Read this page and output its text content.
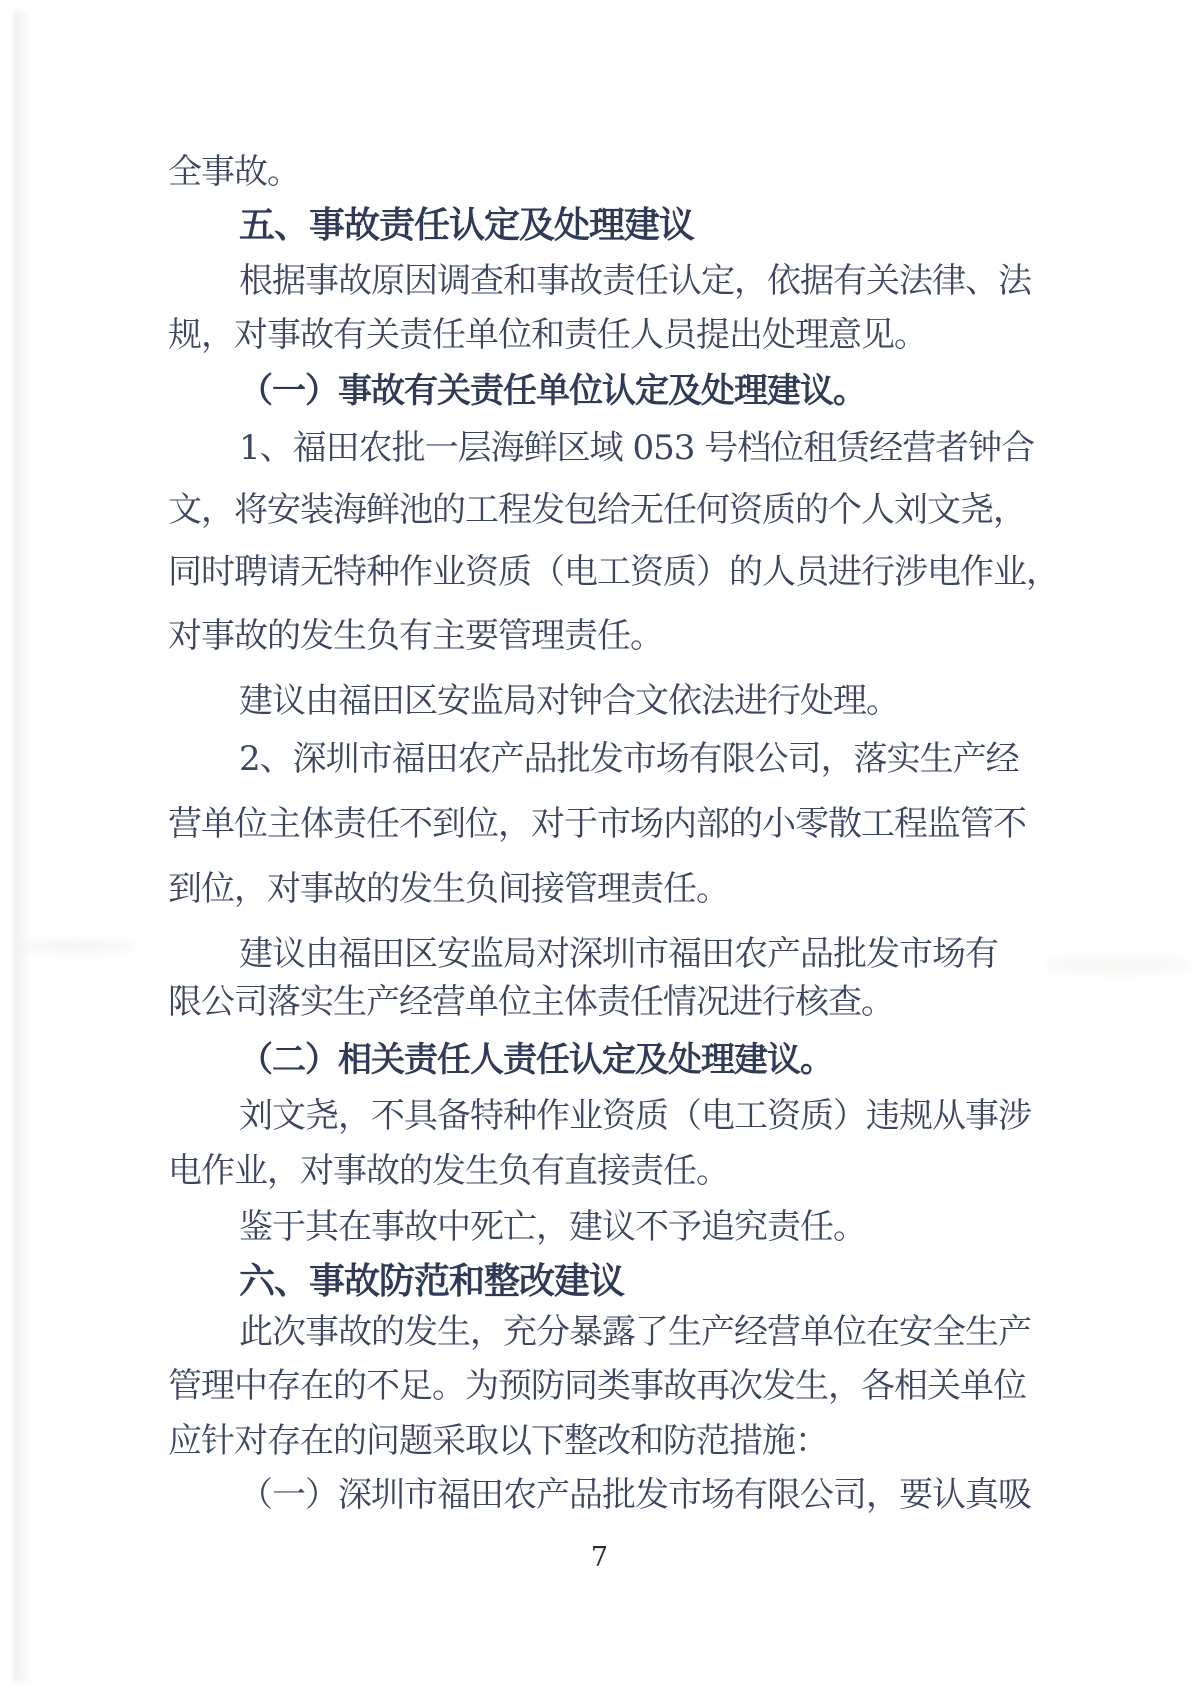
全事故。
五、事故责任认定及处理建议
根据事故原因调查和事故责任认定，依据有关法律、法
规，对事故有关责任单位和责任人员提出处理意见。
（一）事故有关责任单位认定及处理建议。
1、福田农批一层海鲜区域 053 号档位租赁经营者钟合
文，将安装海鲜池的工程发包给无任何资质的个人刘文尧，
同时聘请无特种作业资质（电工资质）的人员进行涉电作业，
对事故的发生负有主要管理责任。
建议由福田区安监局对钟合文依法进行处理。
2、深圳市福田农产品批发市场有限公司，落实生产经
营单位主体责任不到位，对于市场内部的小零散工程监管不
到位，对事故的发生负间接管理责任。
建议由福田区安监局对深圳市福田农产品批发市场有
限公司落实生产经营单位主体责任情况进行核查。
（二）相关责任人责任认定及处理建议。
刘文尧，不具备特种作业资质（电工资质）违规从事涉
电作业，对事故的发生负有直接责任。
鉴于其在事故中死亡，建议不予追究责任。
六、事故防范和整改建议
此次事故的发生，充分暴露了生产经营单位在安全生产
管理中存在的不足。为预防同类事故再次发生，各相关单位
应针对存在的问题采取以下整改和防范措施：
（一）深圳市福田农产品批发市场有限公司，要认真吸
7
